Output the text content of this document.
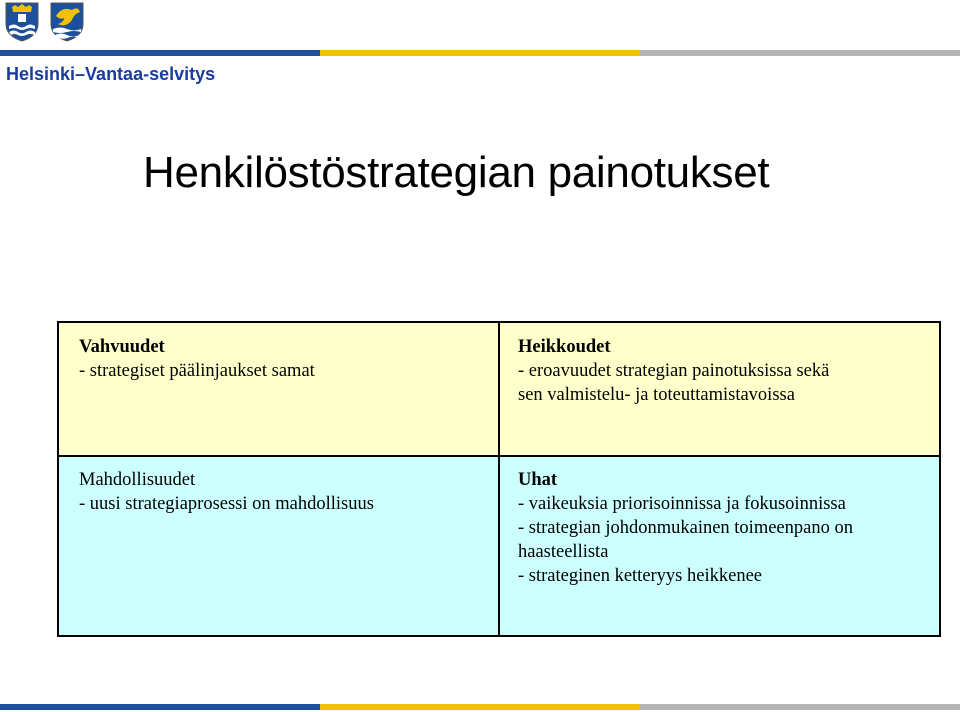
Helsinki–Vantaa-selvitys
Henkilöstöstrategian painotukset
Vahvuudet
- strategiset päälinjaukset samat
Heikkoudet
- eroavuudet strategian painotuksissa sekä
sen valmistelu- ja toteuttamistavoissa
Mahdollisuudet
- uusi strategiaprosessi on mahdollisuus
Uhat
- vaikeuksia priorisoinnissa ja fokusoinnissa
- strategian johdonmukainen toimeenpano on
haasteellista
- strateginen ketteryys heikkenee
